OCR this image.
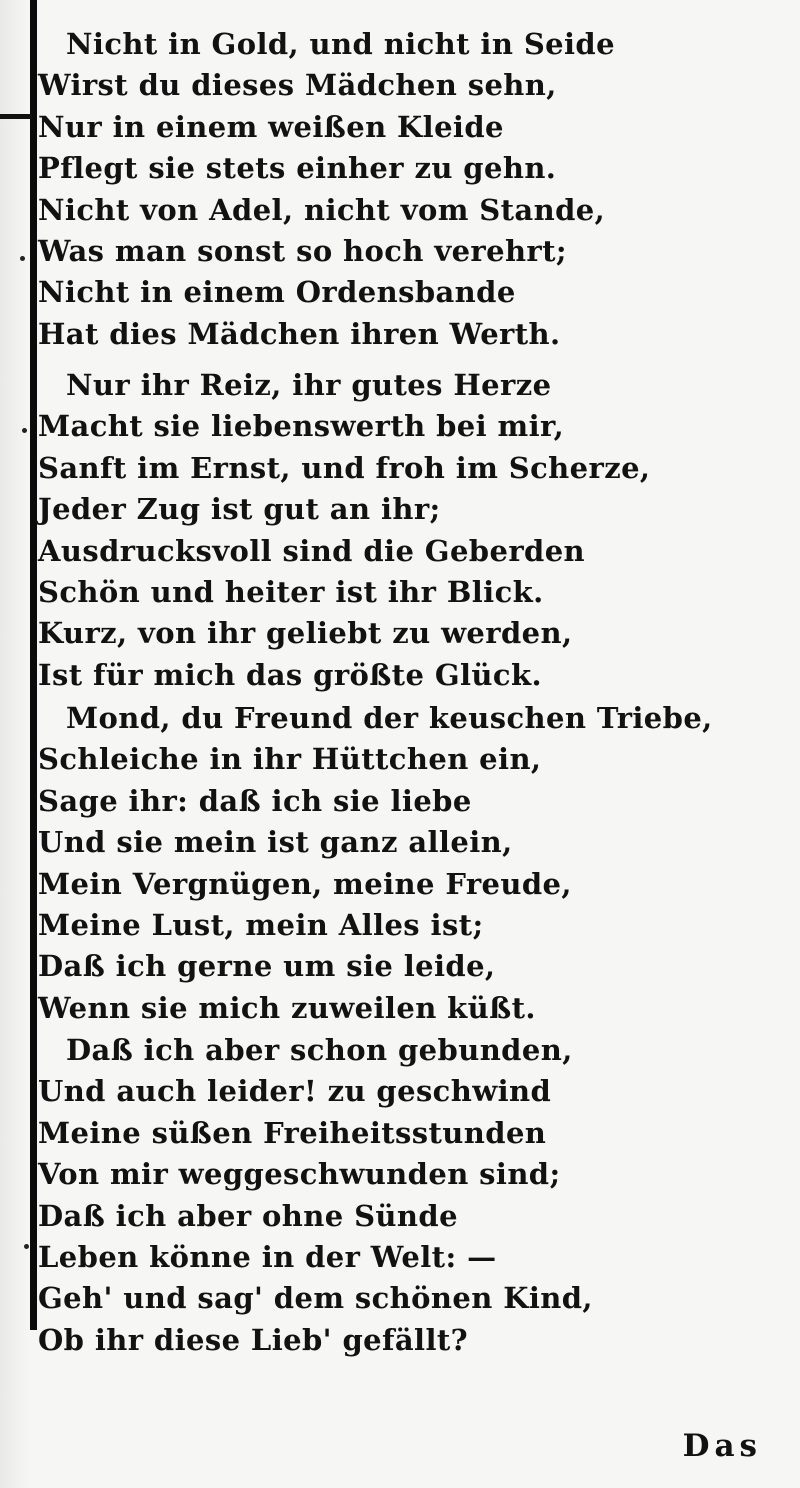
Nicht in Gold, und nicht in Seide
Wirst du dieses Mädchen sehn,
Nur in einem weißen Kleide
Pflegt sie stets einher zu gehn.
Nicht von Adel, nicht vom Stande,
Was man sonst so hoch verehrt;
Nicht in einem Ordensbande
Hat dies Mädchen ihren Werth.
Nur ihr Reiz, ihr gutes Herze
Macht sie liebenswerth bei mir,
Sanft im Ernst, und froh im Scherze,
Jeder Zug ist gut an ihr;
Ausdrucksvoll sind die Geberden
Schön und heiter ist ihr Blick.
Kurz, von ihr geliebt zu werden,
Ist für mich das größte Glück.
Mond, du Freund der keuschen Triebe,
Schleiche in ihr Hüttchen ein,
Sage ihr: daß ich sie liebe
Und sie mein ist ganz allein,
Mein Vergnügen, meine Freude,
Meine Lust, mein Alles ist;
Daß ich gerne um sie leide,
Wenn sie mich zuweilen küßt.
Daß ich aber schon gebunden,
Und auch leider! zu geschwind
Meine süßen Freiheitsstunden
Von mir weggeschwunden sind;
Daß ich aber ohne Sünde
Leben könne in der Welt: —
Geh' und sag' dem schönen Kind,
Ob ihr diese Lieb' gefällt?
Das
